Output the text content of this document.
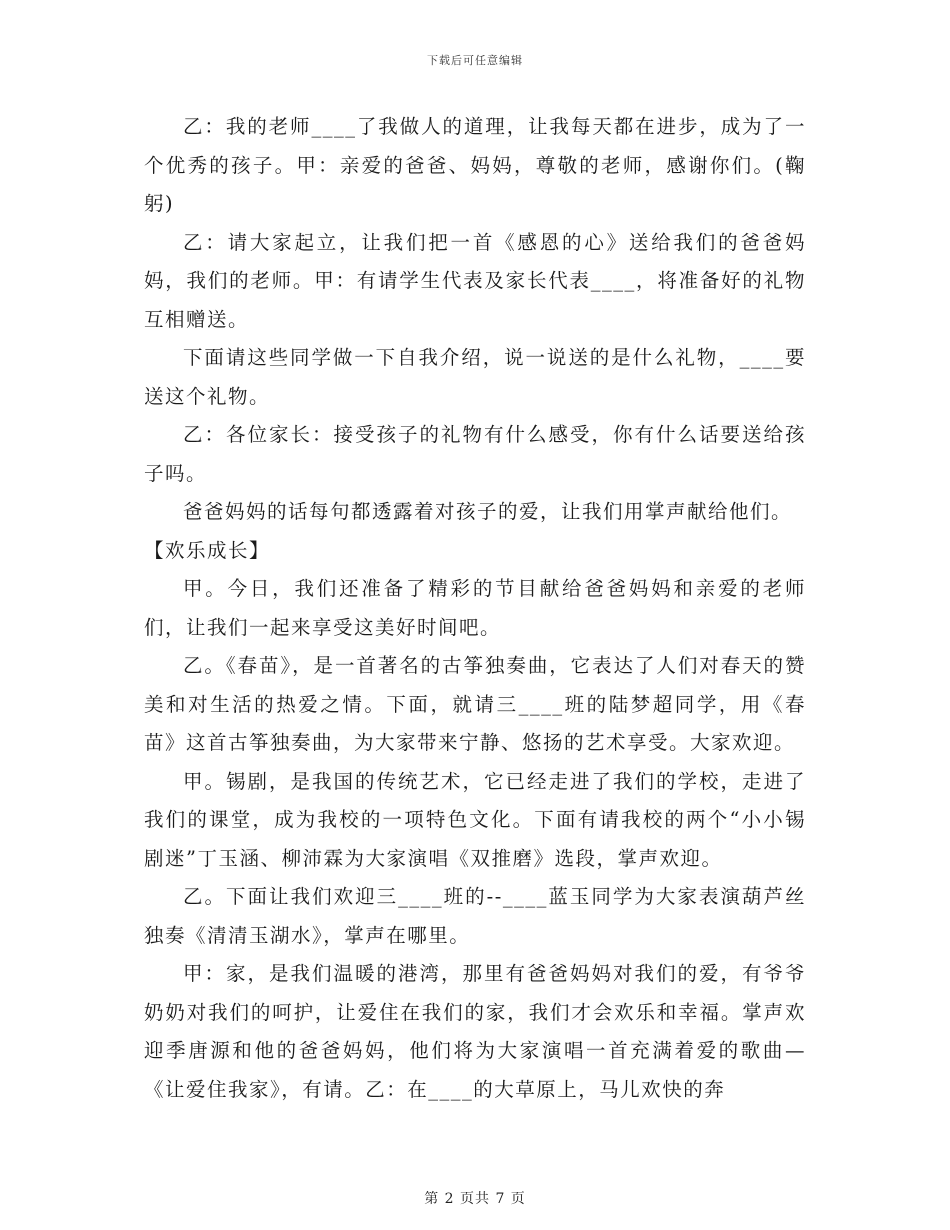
下载后可任意编辑

乙：我的老师____了我做人的道理，让我每天都在进步，成为了一个优秀的孩子。甲：亲爱的爸爸、妈妈，尊敬的老师，感谢你们。(鞠躬)

乙：请大家起立，让我们把一首《感恩的心》送给我们的爸爸妈妈，我们的老师。甲：有请学生代表及家长代表____，将准备好的礼物互相赠送。

下面请这些同学做一下自我介绍，说一说送的是什么礼物，____要送这个礼物。

乙：各位家长：接受孩子的礼物有什么感受，你有什么话要送给孩子吗。

爸爸妈妈的话每句都透露着对孩子的爱，让我们用掌声献给他们。

【欢乐成长】

甲。今日，我们还准备了精彩的节目献给爸爸妈妈和亲爱的老师们，让我们一起来享受这美好时间吧。

乙。《春苗》，是一首著名的古筝独奏曲，它表达了人们对春天的赞美和对生活的热爱之情。下面，就请三____班的陆梦超同学，用《春苗》这首古筝独奏曲，为大家带来宁静、悠扬的艺术享受。大家欢迎。

甲。锡剧，是我国的传统艺术，它已经走进了我们的学校，走进了我们的课堂，成为我校的一项特色文化。下面有请我校的两个“小小锡剧迷”丁玉涵、柳沛霖为大家演唱《双推磨》选段，掌声欢迎。

乙。下面让我们欢迎三____班的--____蓝玉同学为大家表演葫芦丝独奏《清清玉湖水》，掌声在哪里。

甲：家，是我们温暖的港湾，那里有爸爸妈妈对我们的爱，有爷爷奶奶对我们的呵护，让爱住在我们的家，我们才会欢乐和幸福。掌声欢迎季唐源和他的爸爸妈妈，他们将为大家演唱一首充满着爱的歌曲—《让爱住我家》，有请。乙：在____的大草原上，马儿欢快的奔

第 2 页共 7 页
